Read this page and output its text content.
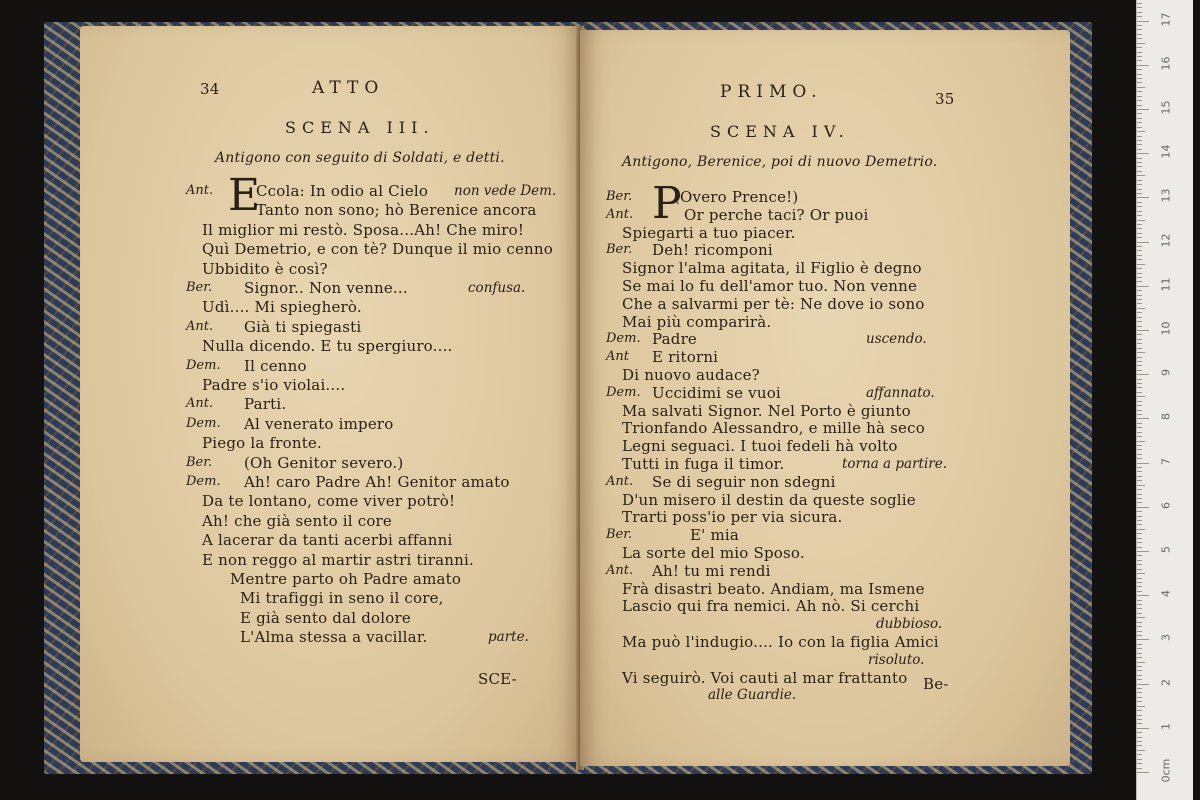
34	ATTO
SCENA III.
Antigono con seguito di Soldati, e detti.
E
Ant.	Ccola: In odio al Cielo non vede Dem.
Tanto non sono; hò Berenice ancora
Il miglior mi restò. Sposa...Ah! Che miro!
Quì Demetrio, e con tè? Dunque il mio cenno
Ubbidito è così?
Ber. Signor.. Non venne...	confusa.
Udì.... Mi spiegherò.
Ant. Già ti spiegasti
Nulla dicendo. E tu spergiuro....
Dem. Il cenno
Padre s'io violai....
Ant. Parti.
Dem. Al venerato impero
Piego la fronte.
Ber. (Oh Genitor severo.)
Dem. Ah! caro Padre Ah! Genitor amato
Da te lontano, come viver potrò!
Ah! che già sento il core
A lacerar da tanti acerbi affanni
E non reggo al martir astri tiranni.
Mentre parto oh Padre amato
Mi trafiggi in seno il core,
E già sento dal dolore
L'Alma stessa a vacillar.	parte.
SCE-
PRIMO.	35
SCENA IV.
Antigono, Berenice, poi di nuovo Demetrio.
P
Ber.	(Overo Prence!)
Ant.	Or perche taci? Or puoi
Spiegarti a tuo piacer.
Ber. Deh! ricomponi
Signor l'alma agitata, il Figlio è degno
Se mai lo fu dell'amor tuo. Non venne
Che a salvarmi per tè: Ne dove io sono
Mai più comparirà.
Dem. Padre	uscendo.
Ant E ritorni
Di nuovo audace?
Dem. Uccidimi se vuoi	affannato.
Ma salvati Signor. Nel Porto è giunto
Trionfando Alessandro, e mille hà seco
Legni seguaci. I tuoi fedeli hà volto
Tutti in fuga il timor.	torna a partire.
Ant. Se di seguir non sdegni
D'un misero il destin da queste soglie
Trarti poss'io per via sicura.
Ber.	E' mia
La sorte del mio Sposo.
Ant. Ah! tu mi rendi
Frà disastri beato. Andiam, ma Ismene
Lascio qui fra nemici. Ah nò. Si cerchi
dubbioso.
Ma può l'indugio.... Io con la figlia Amici
risoluto.
Vi seguirò. Voi cauti al mar frattanto
alle Guardie.
Be-
0cm
1
2
3
4
5
6
7
8
9
10
11
12
13
14
15
16
17
